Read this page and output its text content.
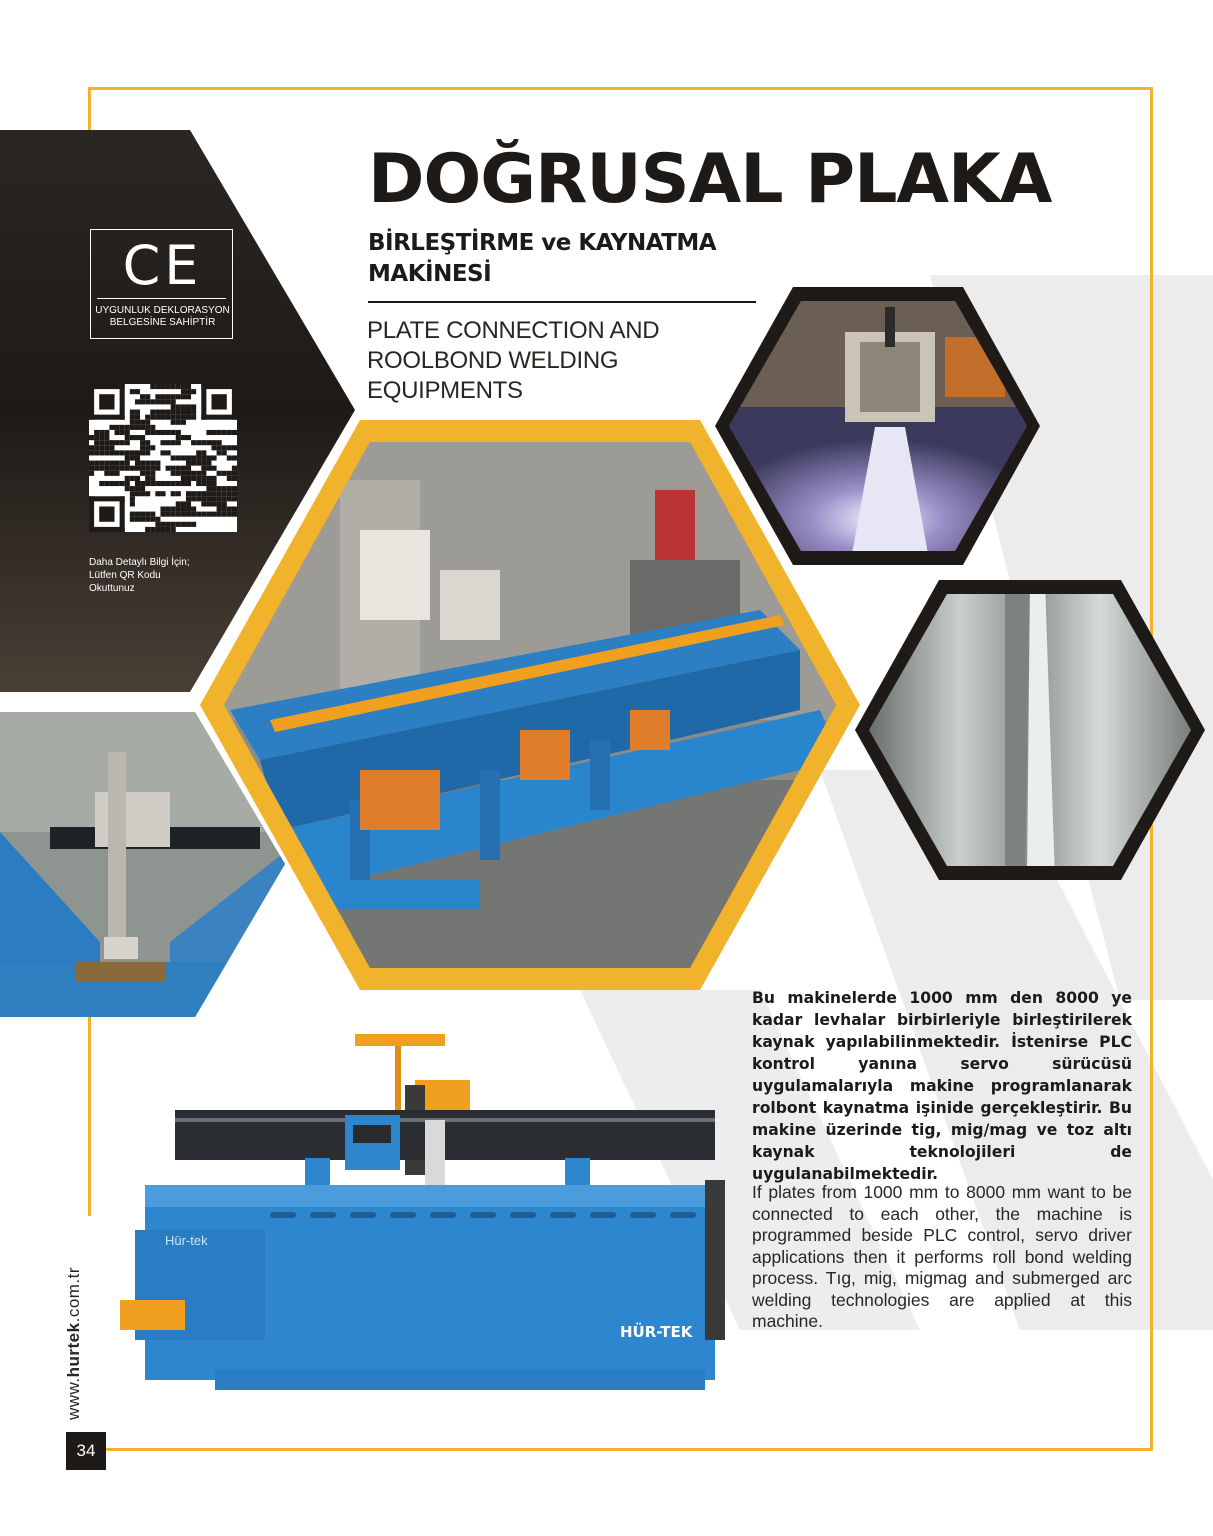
CE
UYGUNLUK DEKLORASYON
BELGESİNE SAHİPTİR
Daha Detaylı Bilgi İçin;
Lütfen QR Kodu
Okuttunuz
DOĞRUSAL PLAKA
BİRLEŞTİRME ve KAYNATMA
MAKİNESİ
PLATE CONNECTION AND
ROOLBOND WELDING
EQUIPMENTS
Hür-tek
HÜR-TEK
Bu makinelerde 1000 mm den 8000 ye kadar levhalar birbirleriyle birleştirilerek kaynak yapılabilinmektedir. İstenirse PLC kontrol yanına servo sürücüsü uygulamalarıyla makine programlanarak rolbont kaynatma işinide gerçekleştirir. Bu makine üzerinde tig, mig/mag ve toz altı kaynak teknolojileri de uygulanabilmektedir.
If plates from 1000 mm to 8000 mm want to be connected to each other, the machine is programmed beside PLC control, servo driver applications then it performs roll bond welding process. Tıg, mig, migmag and submerged arc welding technologies are applied at this machine.
www.hurtek.com.tr
34
